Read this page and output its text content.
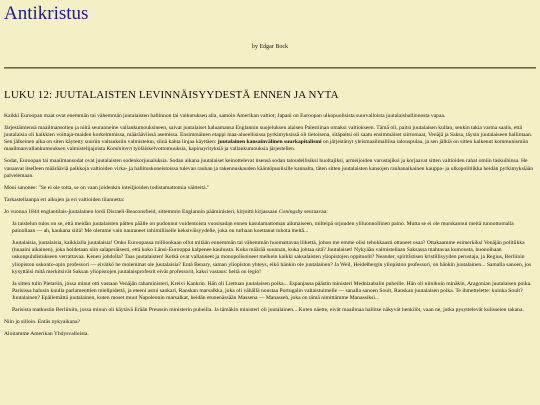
Antikristus
by Edgar Bock
LUKU 12: JUUTALAISTEN LEVINNÄISYYDESTÄ ENNEN JA NYTA

Kaikki Euroopan maat ovat enemmän tai vähemmän juutalaisten hallinnon tai vaikutuksen alla, samoin Amerikan valtiot; Japani on Euroopan ulkopuolisista suurvalloista juutalaishallinnosta vapaa.

Järjestämiensä maailmansotien ja niitä seuranneine vallankumouksineen, saivat juutalaiset haluamansa Englannin suojeluksen alaisen Palestiinan omaksi valtiokseen. Tämä oli, paitsi juutalaisen kullan, senkin takia varma saalis, että juutalaisia oli kaikkien voittaja-maiden korkeimmissa, määrääviissä asemissa. Ensimmäinen etappi maa-alueellisissa pyrkimyksissä oli tietoisena, sitäpaitsi oli saatu ensimmäiset siirtomaat, Venäjä ja Saksa, täysin juutalaiseen hallintaan. Sen jälkeinen aika on siten käytetty suuriin valtauksiin valmistelun, siinä kahta linjaa käyttäen: juutalainen kansainvälinen suurkapitalismi on järjestänyt yleismaailmalliisa talouspulaa, ja sen jälkiä on sitten kalkenut kommunismiin maailmanvallankumouksen valmistelijajoista Kominitern työläiskelvottomuuksia, kapinayrityksiä ja vallankumouksia järjestellen.

Sodat, Euroopan tai maailmansodat ovat juutalaisten sodenkorjuualuksia. Sodan aikana juutalaiset keinottelevat itsensä sodan taloudellisiksi huoltajiksi, armeijoiden varustajiksi ja korjaavat sitten valtioiden rahat omiin taskuihinsa. He vanaavat itselleen määrääviä paikkoja valtioiden virka- ja hallituskoneistoissa tulevan rauhan ja rakennuskauden kääntöpuolisille kannalta, täten sitten juutalaisten kansojen rauhanaikainen kauppa- ja ulkopolitiikka heidän pyrkimyksiään palvelemaan.

Moni sanonee: "Se ei ole totta, se on vaan joidenkin inteiljioiden todistamattomia väitteitä."

Tarkastellaanpa eri aikojen ja eri valtioiden tilannetta:

Jo vuonna 1844 englantilais-juutalainen lordi Disraeli-Beaconsfield, sittemmin Englannin pääministeri, kirjoitti kirjassaan Coningsby seuraavaa:

Ja taistelun tulos on se, että meidän juutalaisten pätten päälle on pudonnut vuidentoista vuosisadan ennen kasulamattoman aikmaiseen, milteipä orjuuden yliluonnollinen paino. Mutta se ei ole murskannut meitä tunnottomalla painollaan — ah, kaukana siitä! Me olemme vain nauraneet inhimilliselle keksiväisyydelle, joka on turhaan koettanut tuhota meitä...

Juutalaisia, juutalaisia, kaikkialla juutalaisia! Onko Euroopassa millionkaan ollut mitään ennemmän tai vähemmän huomattavaa liikettä, johon me emme olisi tehokkaasti ottaneet osaa? Ottakaamme esimerkiksi Venäjän politiikka (huaaini aikainen), joka hoidetaan niin salaperäisesti, että koko Länsi-Eurooppa kalpenee kauhusta. Kuka määrää suunnan, kuka johtaa sitä? Juutalaiset! Nykyään valmistellaan Saksassa mahtavaa kumousta, huonoihaan uskonpuhdistukseen verrattavaa. Kenen johdolla? Taas juutalaisten! Ketkä ovat vallanneet ja monopolisoineet melkein kaikki saksalaisten yliopistojen oppituolit? Neander, spiritistisen kristillisyyden perustaja, ja Regius, Berliinin yliopiston uskonto-opin professori — eivätkö he molemmat ole juutalaisia? Entä Benary, saman yliopiston yhteys, eikö hänkin ole juutalainen? Ja Weil, Heidelbergin yliopiston professori, on hänkin juutalainen... Samalla sanoen, jos kysyttäisi mitä merkitsivät Saksan yliopistojen juutalaisprofesrit eivät professorit, kaksi vastaus: heitä on legio!

Ja sitten tulin Pietariin, jossa minut otti vastaan Venäjän rahaministeri, Kreivi Kankrin. Hän oli Liettuan juutalaisen poika... Espanjassa päästin ministeri Mednizabalin puheille. Hän oli niinikuin minäkin, Aragonian juutalaisen poika. Parisissa halusin kuulla parlamenttien mielipidettä, ja eteeni astui sankari, Ranskan marsalkka, joka oli vähällä noustaa Portugalin valtaistuimelle — sanalla sanoen Soult, Ranskan juutalaisen poika. Te ihmettelette: kuinka Soult? Juutalainen? Epäilemättä juutalainen, kuten moset muut Napoleonin marsalkat, heidän etunenässään Massena — Manasseh, joka on tämä nimittämme Manassiksi...

Parisista matkustin Berliiniin, jossa minun oli käytävä Erään Preussin ministerin puheilla. Ja tämäkin ministeri oli juutalainen... Kuten näette, eivät maailmaa hallitse näkyvät henkilöt, vaan ne, jotka pysyttelevät kulisseien takana.

Niin jo silloin. Entäs nykyaikana?

Aloitamme Amerikan Yhdysvalloista.
